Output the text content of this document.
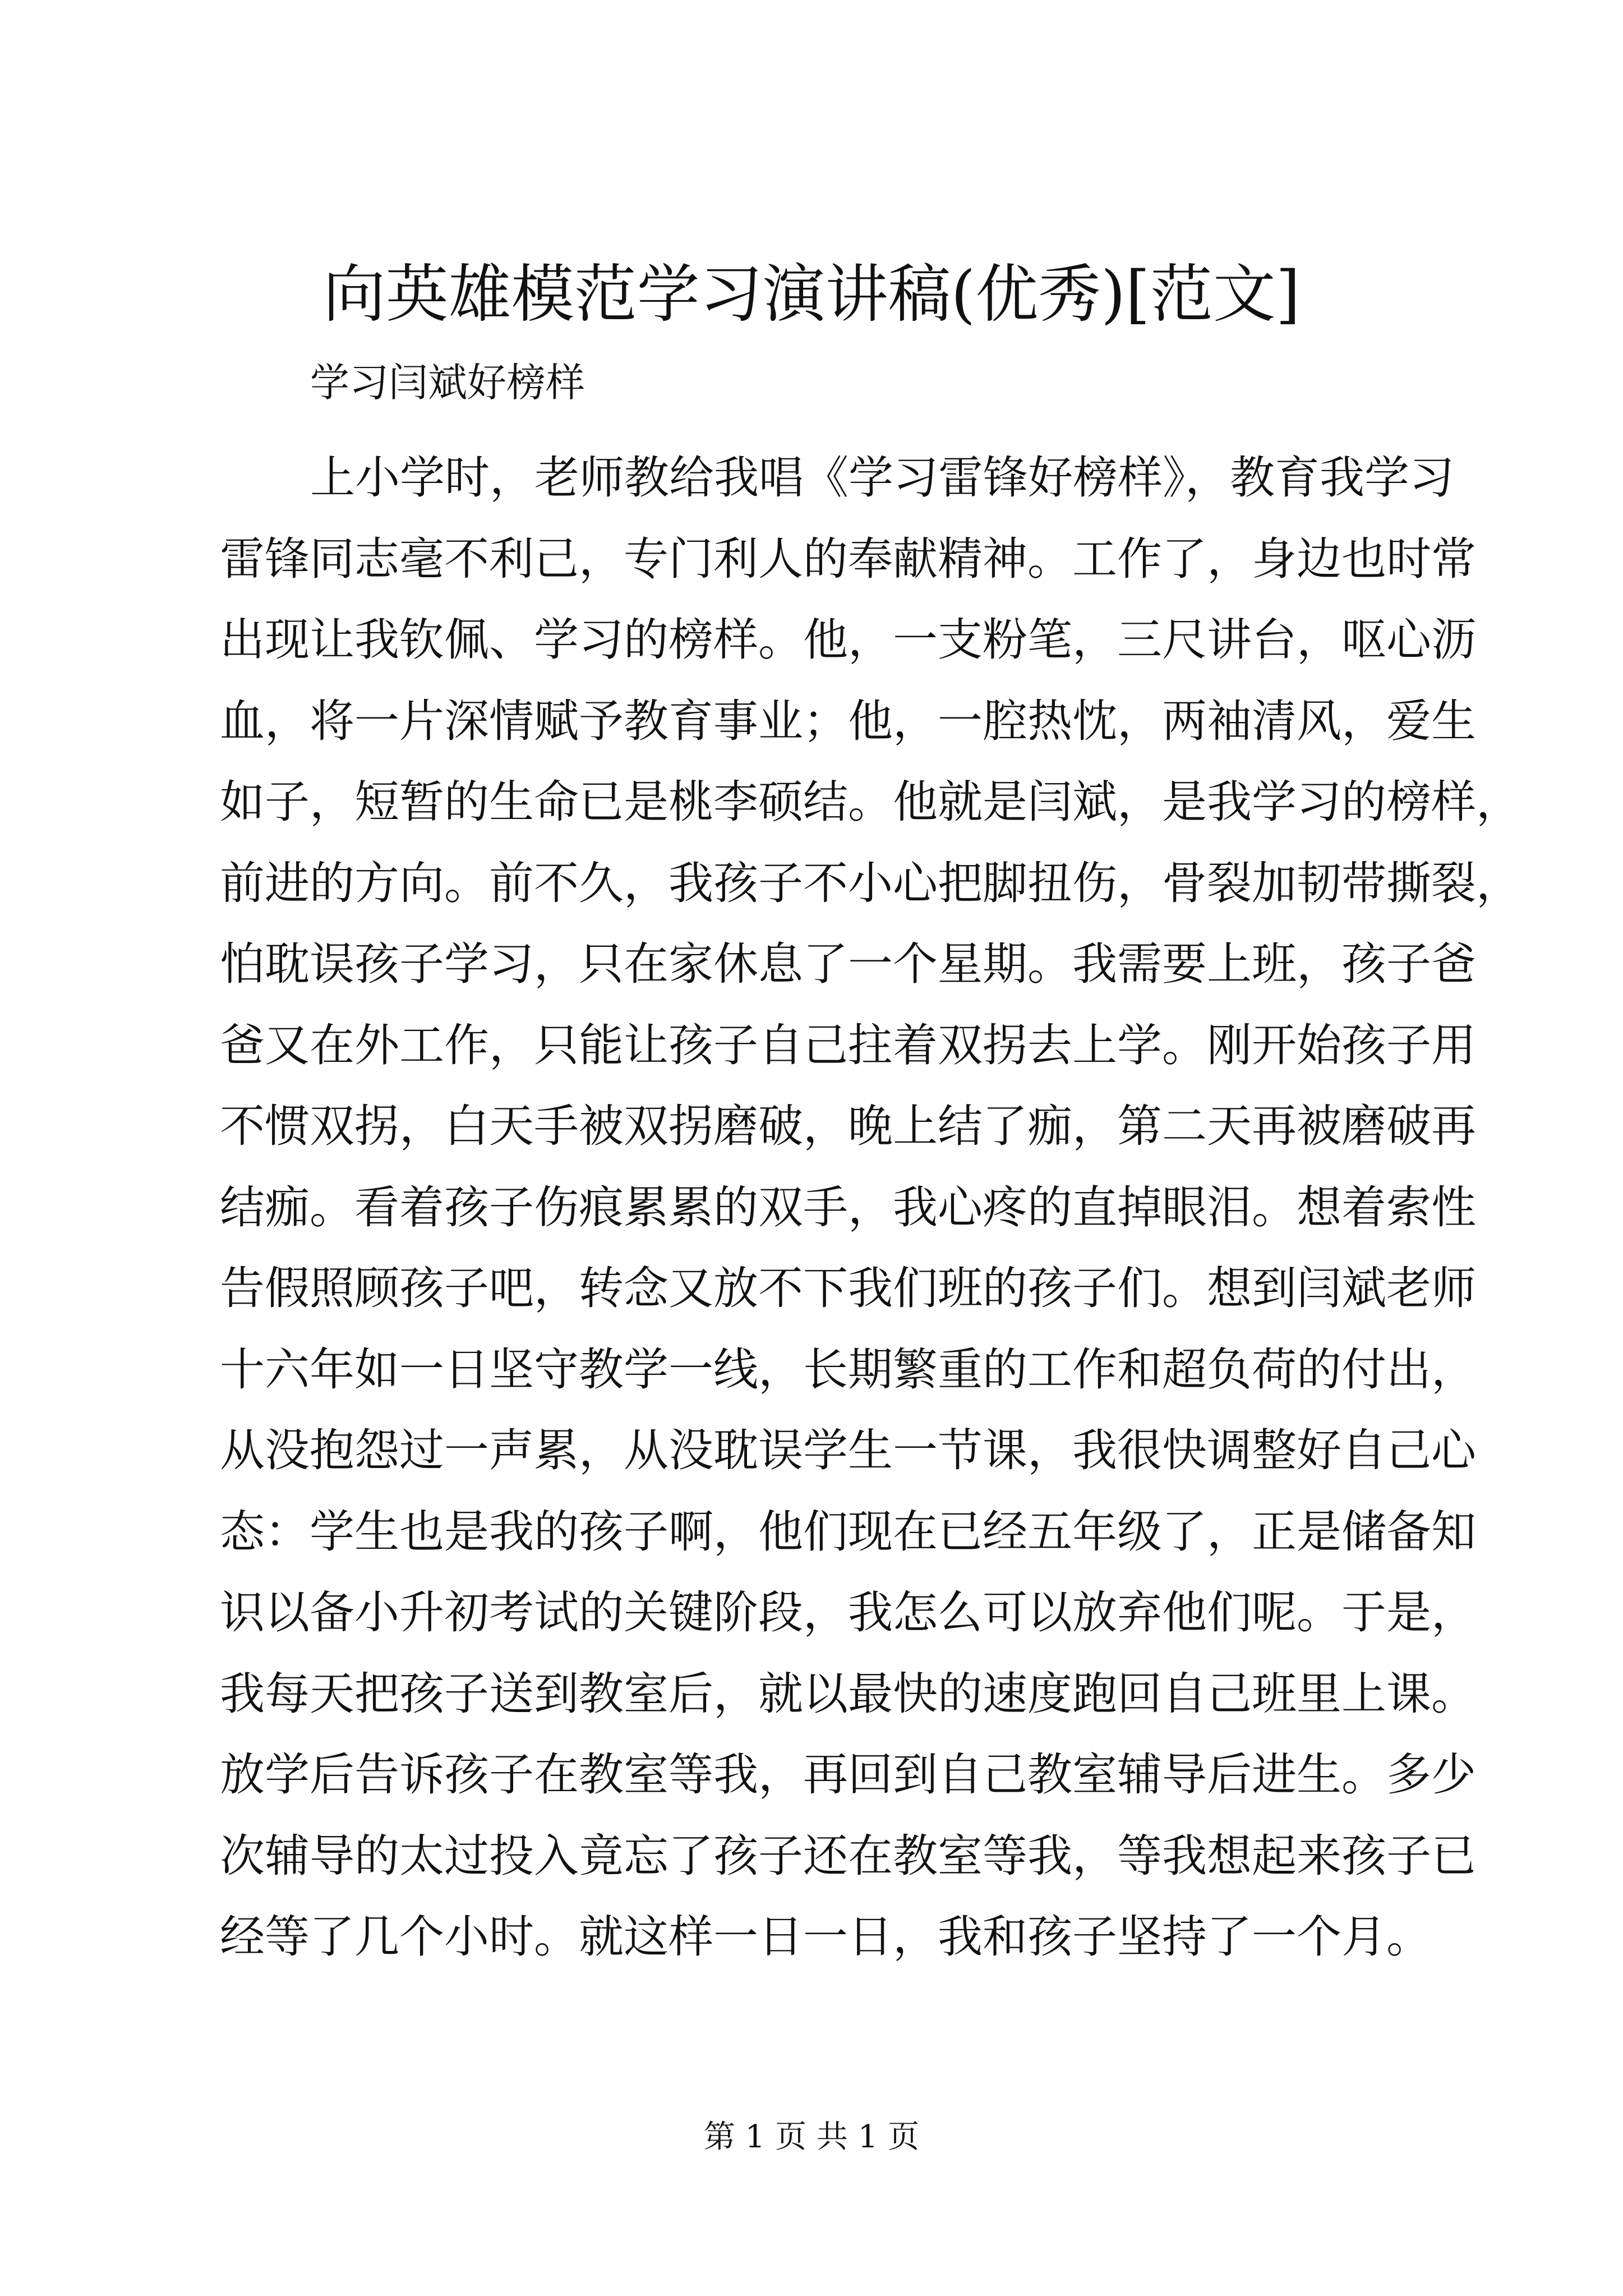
向英雄模范学习演讲稿(优秀)[范文]
学习闫斌好榜样
上小学时，老师教给我唱《学习雷锋好榜样》，教育我学习
雷锋同志毫不利己，专门利人的奉献精神。工作了，身边也时常
出现让我钦佩、学习的榜样。他，一支粉笔，三尺讲台，呕心沥
血，将一片深情赋予教育事业；他，一腔热忱，两袖清风，爱生
如子，短暂的生命已是桃李硕结。他就是闫斌，是我学习的榜样，
前进的方向。前不久，我孩子不小心把脚扭伤，骨裂加韧带撕裂，
怕耽误孩子学习，只在家休息了一个星期。我需要上班，孩子爸
爸又在外工作，只能让孩子自己拄着双拐去上学。刚开始孩子用
不惯双拐，白天手被双拐磨破，晚上结了痂，第二天再被磨破再
结痂。看着孩子伤痕累累的双手，我心疼的直掉眼泪。想着索性
告假照顾孩子吧，转念又放不下我们班的孩子们。想到闫斌老师
十六年如一日坚守教学一线，长期繁重的工作和超负荷的付出，
从没抱怨过一声累，从没耽误学生一节课，我很快调整好自己心
态：学生也是我的孩子啊，他们现在已经五年级了，正是储备知
识以备小升初考试的关键阶段，我怎么可以放弃他们呢。于是，
我每天把孩子送到教室后，就以最快的速度跑回自己班里上课。
放学后告诉孩子在教室等我，再回到自己教室辅导后进生。多少
次辅导的太过投入竟忘了孩子还在教室等我，等我想起来孩子已
经等了几个小时。就这样一日一日，我和孩子坚持了一个月。
第 1 页 共 1 页
